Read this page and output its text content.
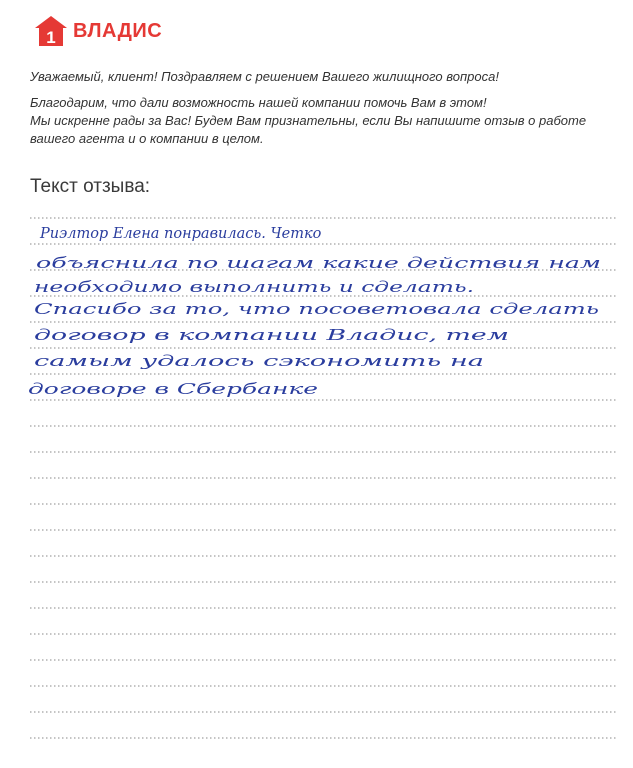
1 ВЛАДИС

Уважаемый, клиент! Поздравляем с решением Вашего жилищного вопроса!

Благодарим, что дали возможность нашей компании помочь Вам в этом!
Мы искренне рады за Вас! Будем Вам признательны, если Вы напишите отзыв о работе
вашего агента и о компании в целом.

Текст отзыва:
Риэлтор Елена понравилась. Четко
объяснила по шагам какие действия нам
необходимо выполнить и сделать.
Спасибо за то, что посоветовала сделать
договор в компании Владис, тем
самым удалось сэкономить на
договоре в Сбербанке
